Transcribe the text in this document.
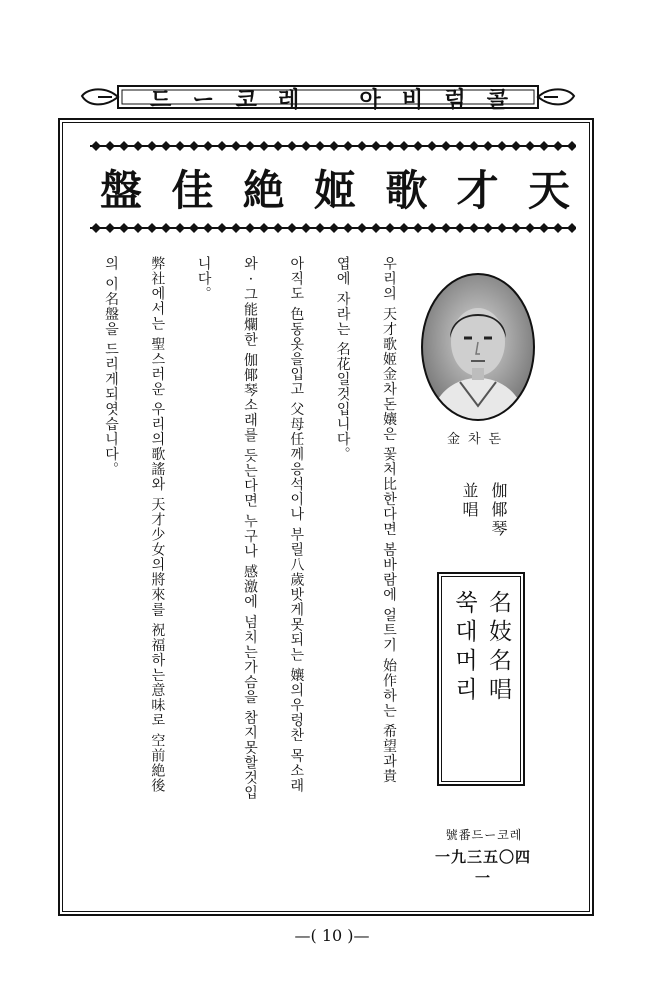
드 ー 코 레	아 비 럼 콜
盤 佳 絶 姬 歌 才 天
우리의 天才歌姬金차돈孃은 꽃처比한다면 봄바람에 얼트기 始作하는 希望과貴
엽에 자라는 名花일것입니다。
아직도 色동옷을입고 父母任께응석이나 부릴八歲밧게못되는 孃의우렁찬 목소래
와 · 그能爛한 伽倻琴소래를 듯는다면 누구나 感激에 넘치는가슴을 참지못할것입
니다。
弊社에서는 聖스러운 우리의歌謠와 天才少女의將來를 祝福하는意味로 空前絶後
의 이名盤을 드리게되엿습니다。	金차돈
伽倻琴
並唱
名妓名唱
쑥대머리
號番드ー코레
一九三五〇四一
—( 10 )—
